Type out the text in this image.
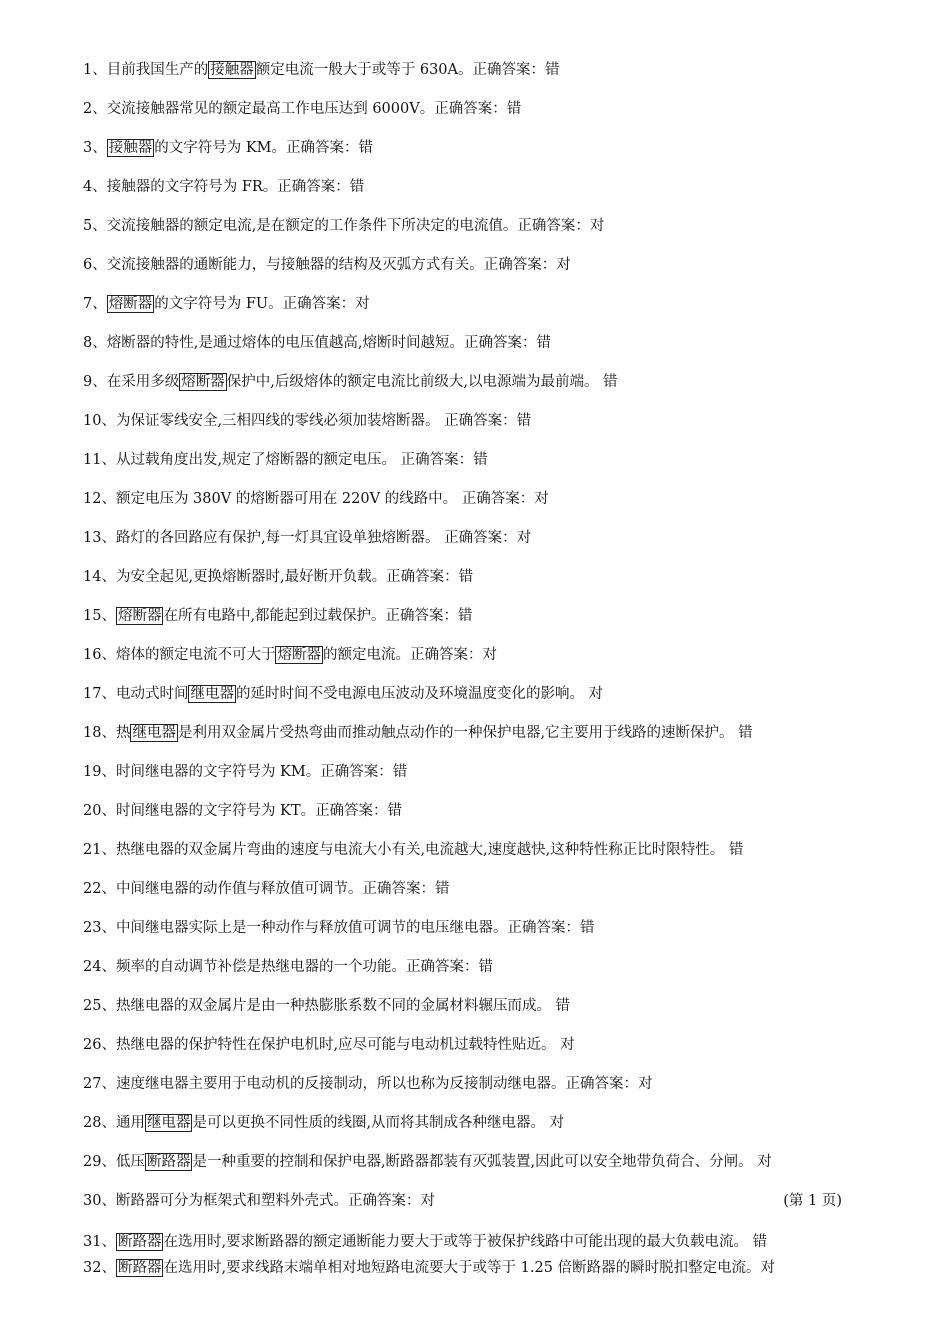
1、目前我国生产的 接触器 额定电流一般大于或等于 630A。正确答案：错
2、交流接触器常见的额定最高工作电压达到 6000V。正确答案：错
3、 接触器 的文字符号为 KM。正确答案：错
4、接触器的文字符号为 FR。正确答案：错
5、交流接触器的额定电流,是在额定的工作条件下所决定的电流值。正确答案：对
6、交流接触器的通断能力，与接触器的结构及灭弧方式有关。正确答案：对
7、 熔断器 的文字符号为 FU。正确答案：对
8、熔断器的特性,是通过熔体的电压值越高,熔断时间越短。正确答案：错
9、在采用多级 熔断器 保护中,后级熔体的额定电流比前级大,以电源端为最前端。 错
10、为保证零线安全,三相四线的零线必须加装熔断器。 正确答案：错
11、从过载角度出发,规定了熔断器的额定电压。 正确答案：错
12、额定电压为 380V 的熔断器可用在 220V 的线路中。 正确答案：对
13、路灯的各回路应有保护,每一灯具宜设单独熔断器。 正确答案：对
14、为安全起见,更换熔断器时,最好断开负载。正确答案：错
15、 熔断器 在所有电路中,都能起到过载保护。正确答案：错
16、熔体的额定电流不可大于 熔断器 的额定电流。正确答案：对
17、电动式时间 继电器 的延时时间不受电源电压波动及环境温度变化的影响。 对
18、热 继电器 是利用双金属片受热弯曲而推动触点动作的一种保护电器,它主要用于线路的速断保护。 错
19、时间继电器的文字符号为 KM。正确答案：错
20、时间继电器的文字符号为 KT。正确答案：错
21、热继电器的双金属片弯曲的速度与电流大小有关,电流越大,速度越快,这种特性称正比时限特性。 错
22、中间继电器的动作值与释放值可调节。正确答案：错
23、中间继电器实际上是一种动作与释放值可调节的电压继电器。正确答案：错
24、频率的自动调节补偿是热继电器的一个功能。正确答案：错
25、热继电器的双金属片是由一种热膨胀系数不同的金属材料辗压而成。 错
26、热继电器的保护特性在保护电机时,应尽可能与电动机过载特性贴近。 对
27、速度继电器主要用于电动机的反接制动，所以也称为反接制动继电器。正确答案：对
28、通用 继电器 是可以更换不同性质的线圈,从而将其制成各种继电器。 对
29、低压 断路器 是一种重要的控制和保护电器,断路器都装有灭弧装置,因此可以安全地带负荷合、分闸。 对
30、断路器可分为框架式和塑料外壳式。正确答案：对	(第 1 页)
31、 断路器 在选用时,要求断路器的额定通断能力要大于或等于被保护线路中可能出现的最大负载电流。 错
32、 断路器 在选用时,要求线路末端单相对地短路电流要大于或等于 1.25 倍断路器的瞬时脱扣整定电流。对
